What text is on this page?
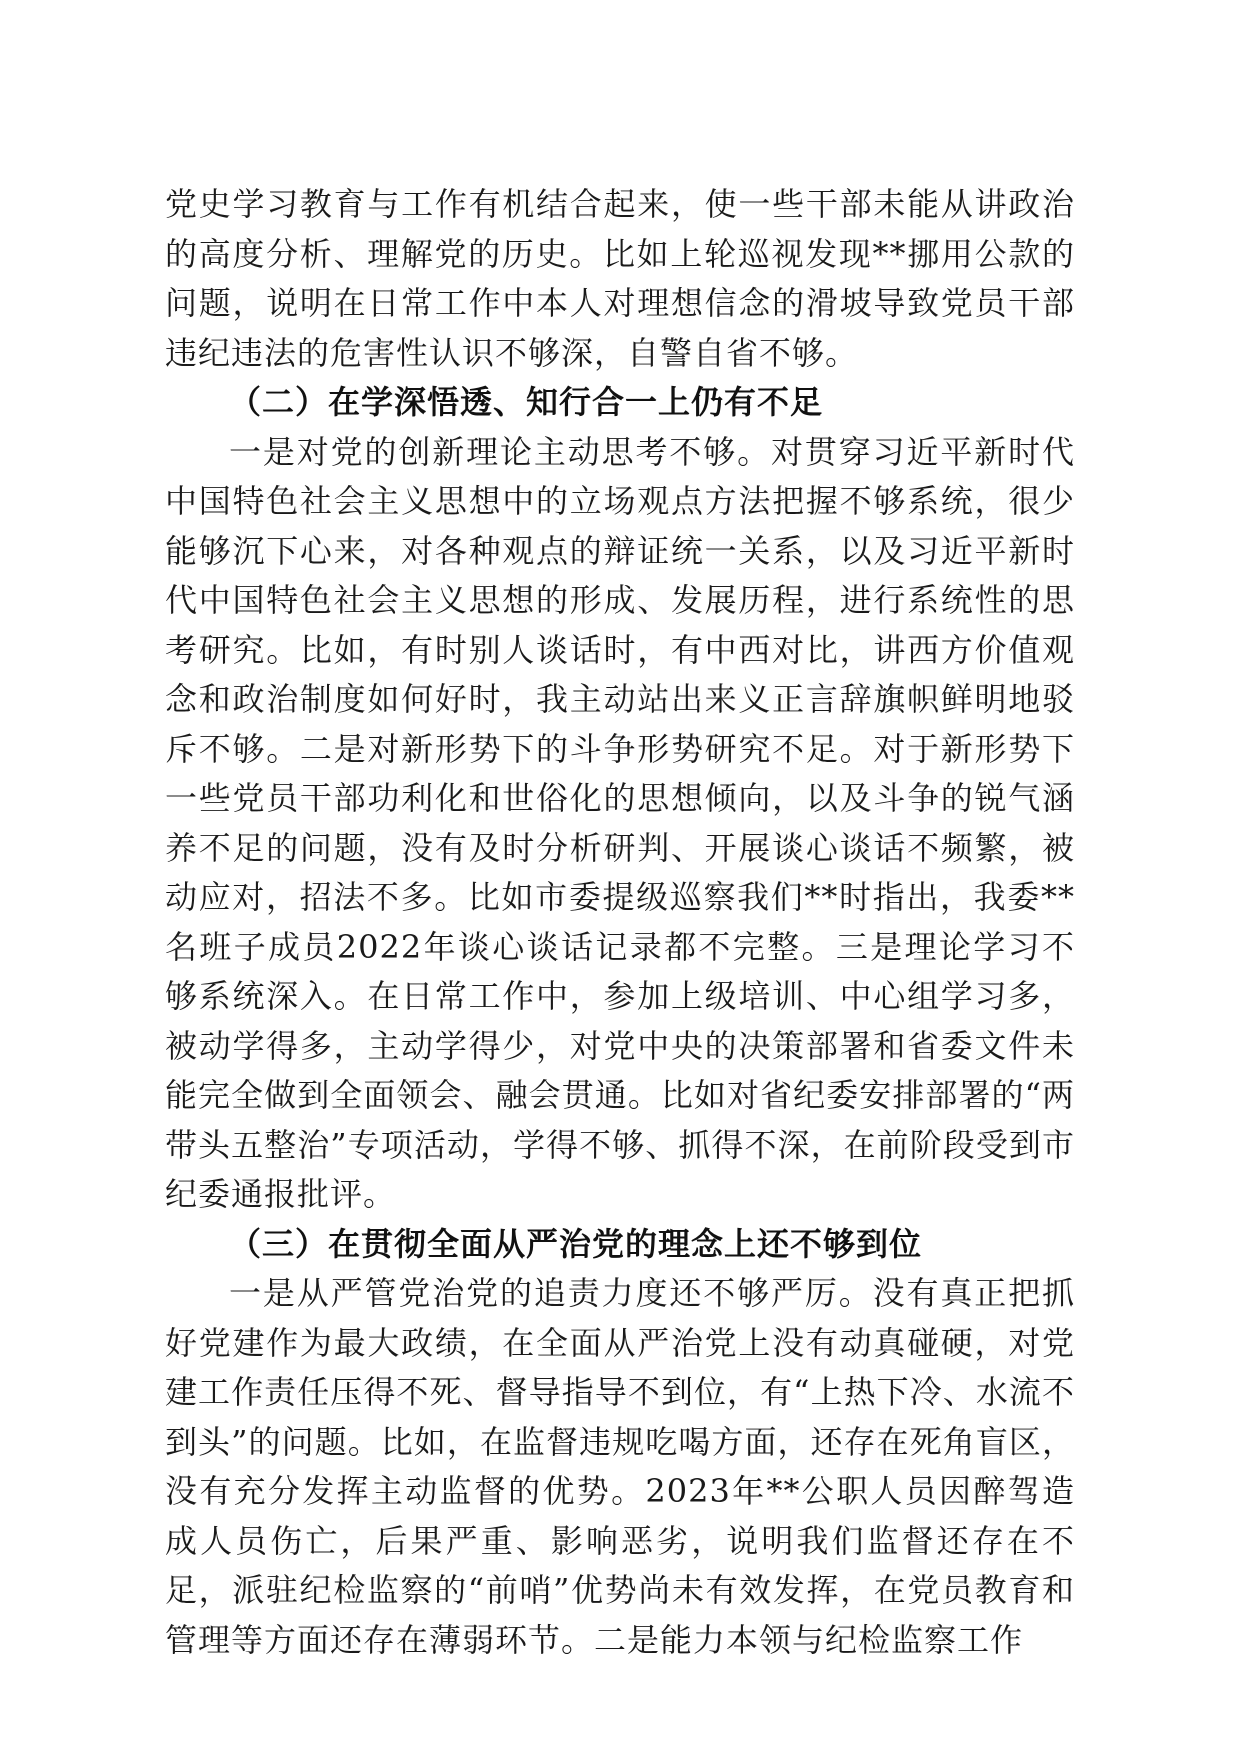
党史学习教育与工作有机结合起来，使一些干部未能从讲政治的高度分析、理解党的历史。比如上轮巡视发现**挪用公款的问题，说明在日常工作中本人对理想信念的滑坡导致党员干部违纪违法的危害性认识不够深，自警自省不够。

（二）在学深悟透、知行合一上仍有不足

一是对党的创新理论主动思考不够。对贯穿习近平新时代中国特色社会主义思想中的立场观点方法把握不够系统，很少能够沉下心来，对各种观点的辩证统一关系，以及习近平新时代中国特色社会主义思想的形成、发展历程，进行系统性的思考研究。比如，有时别人谈话时，有中西对比，讲西方价值观念和政治制度如何好时，我主动站出来义正言辞旗帜鲜明地驳斥不够。二是对新形势下的斗争形势研究不足。对于新形势下一些党员干部功利化和世俗化的思想倾向，以及斗争的锐气涵养不足的问题，没有及时分析研判、开展谈心谈话不频繁，被动应对，招法不多。比如市委提级巡察我们**时指出，我委**名班子成员2022年谈心谈话记录都不完整。三是理论学习不够系统深入。在日常工作中，参加上级培训、中心组学习多，被动学得多，主动学得少，对党中央的决策部署和省委文件未能完全做到全面领会、融会贯通。比如对省纪委安排部署的“两带头五整治”专项活动，学得不够、抓得不深，在前阶段受到市纪委通报批评。

（三）在贯彻全面从严治党的理念上还不够到位

一是从严管党治党的追责力度还不够严厉。没有真正把抓好党建作为最大政绩，在全面从严治党上没有动真碰硬，对党建工作责任压得不死、督导指导不到位，有“上热下冷、水流不到头”的问题。比如，在监督违规吃喝方面，还存在死角盲区，没有充分发挥主动监督的优势。2023年**公职人员因醉驾造成人员伤亡，后果严重、影响恶劣，说明我们监督还存在不足，派驻纪检监察的“前哨”优势尚未有效发挥，在党员教育和管理等方面还存在薄弱环节。二是能力本领与纪检监察工作
